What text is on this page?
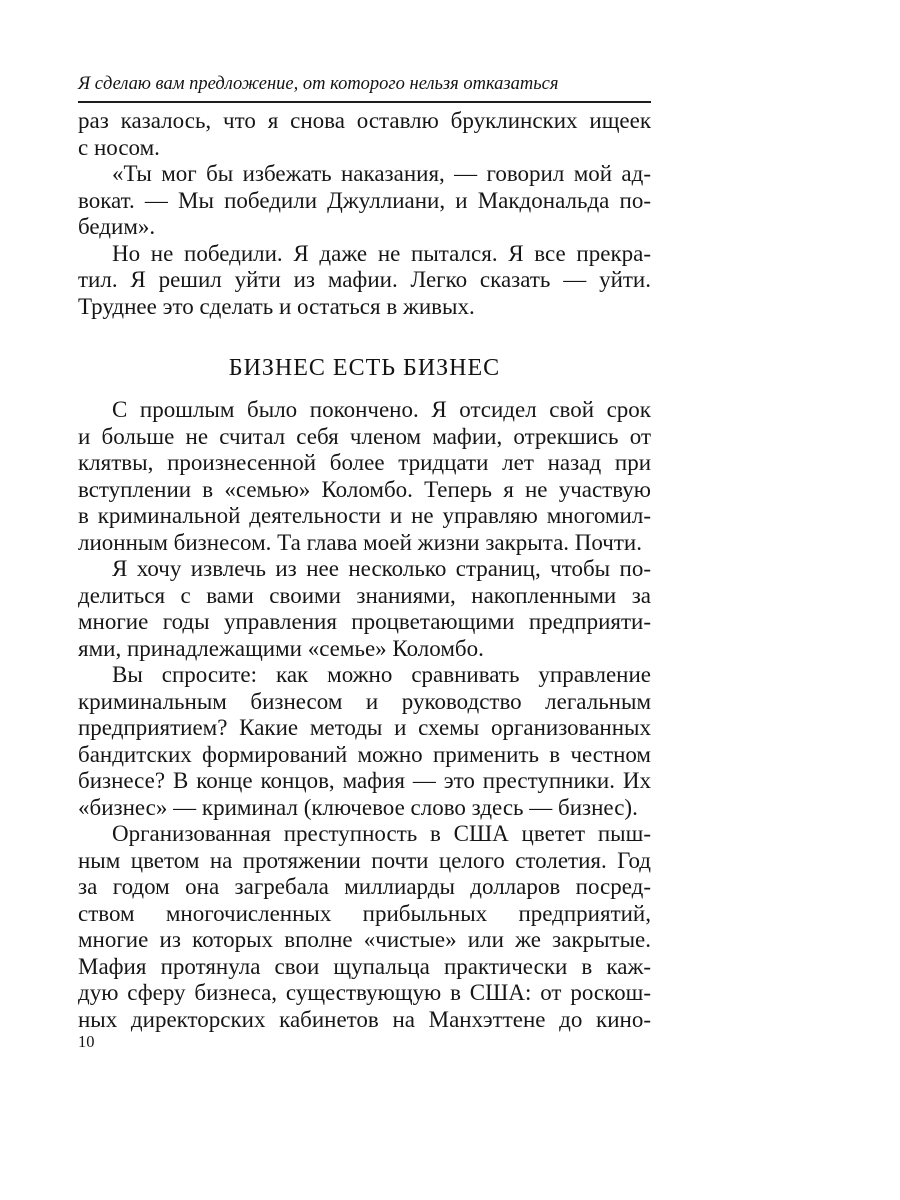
Я сделаю вам предложение, от которого нельзя отказаться

раз казалось, что я снова оставлю бруклинских ищеек
с носом.

«Ты мог бы избежать наказания, — говорил мой ад-
вокат. — Мы победили Джуллиани, и Макдональда по-
бедим».

Но не победили. Я даже не пытался. Я все прекра-
тил. Я решил уйти из мафии. Легко сказать — уйти.
Труднее это сделать и остаться в живых.

БИЗНЕС ЕСТЬ БИЗНЕС

С прошлым было покончено. Я отсидел свой срок
и больше не считал себя членом мафии, отрекшись от
клятвы, произнесенной более тридцати лет назад при
вступлении в «семью» Коломбо. Теперь я не участвую
в криминальной деятельности и не управляю многомил-
лионным бизнесом. Та глава моей жизни закрыта. Почти.

Я хочу извлечь из нее несколько страниц, чтобы по-
делиться с вами своими знаниями, накопленными за
многие годы управления процветающими предприяти-
ями, принадлежащими «семье» Коломбо.

Вы спросите: как можно сравнивать управление
криминальным бизнесом и руководство легальным
предприятием? Какие методы и схемы организованных
бандитских формирований можно применить в честном
бизнесе? В конце концов, мафия — это преступники. Их
«бизнес» — криминал (ключевое слово здесь — бизнес).

Организованная преступность в США цветет пыш-
ным цветом на протяжении почти целого столетия. Год
за годом она загребала миллиарды долларов посред-
ством многочисленных прибыльных предприятий,
многие из которых вполне «чистые» или же закрытые.
Мафия протянула свои щупальца практически в каж-
дую сферу бизнеса, существующую в США: от роскош-
ных директорских кабинетов на Манхэттене до кино-

10
